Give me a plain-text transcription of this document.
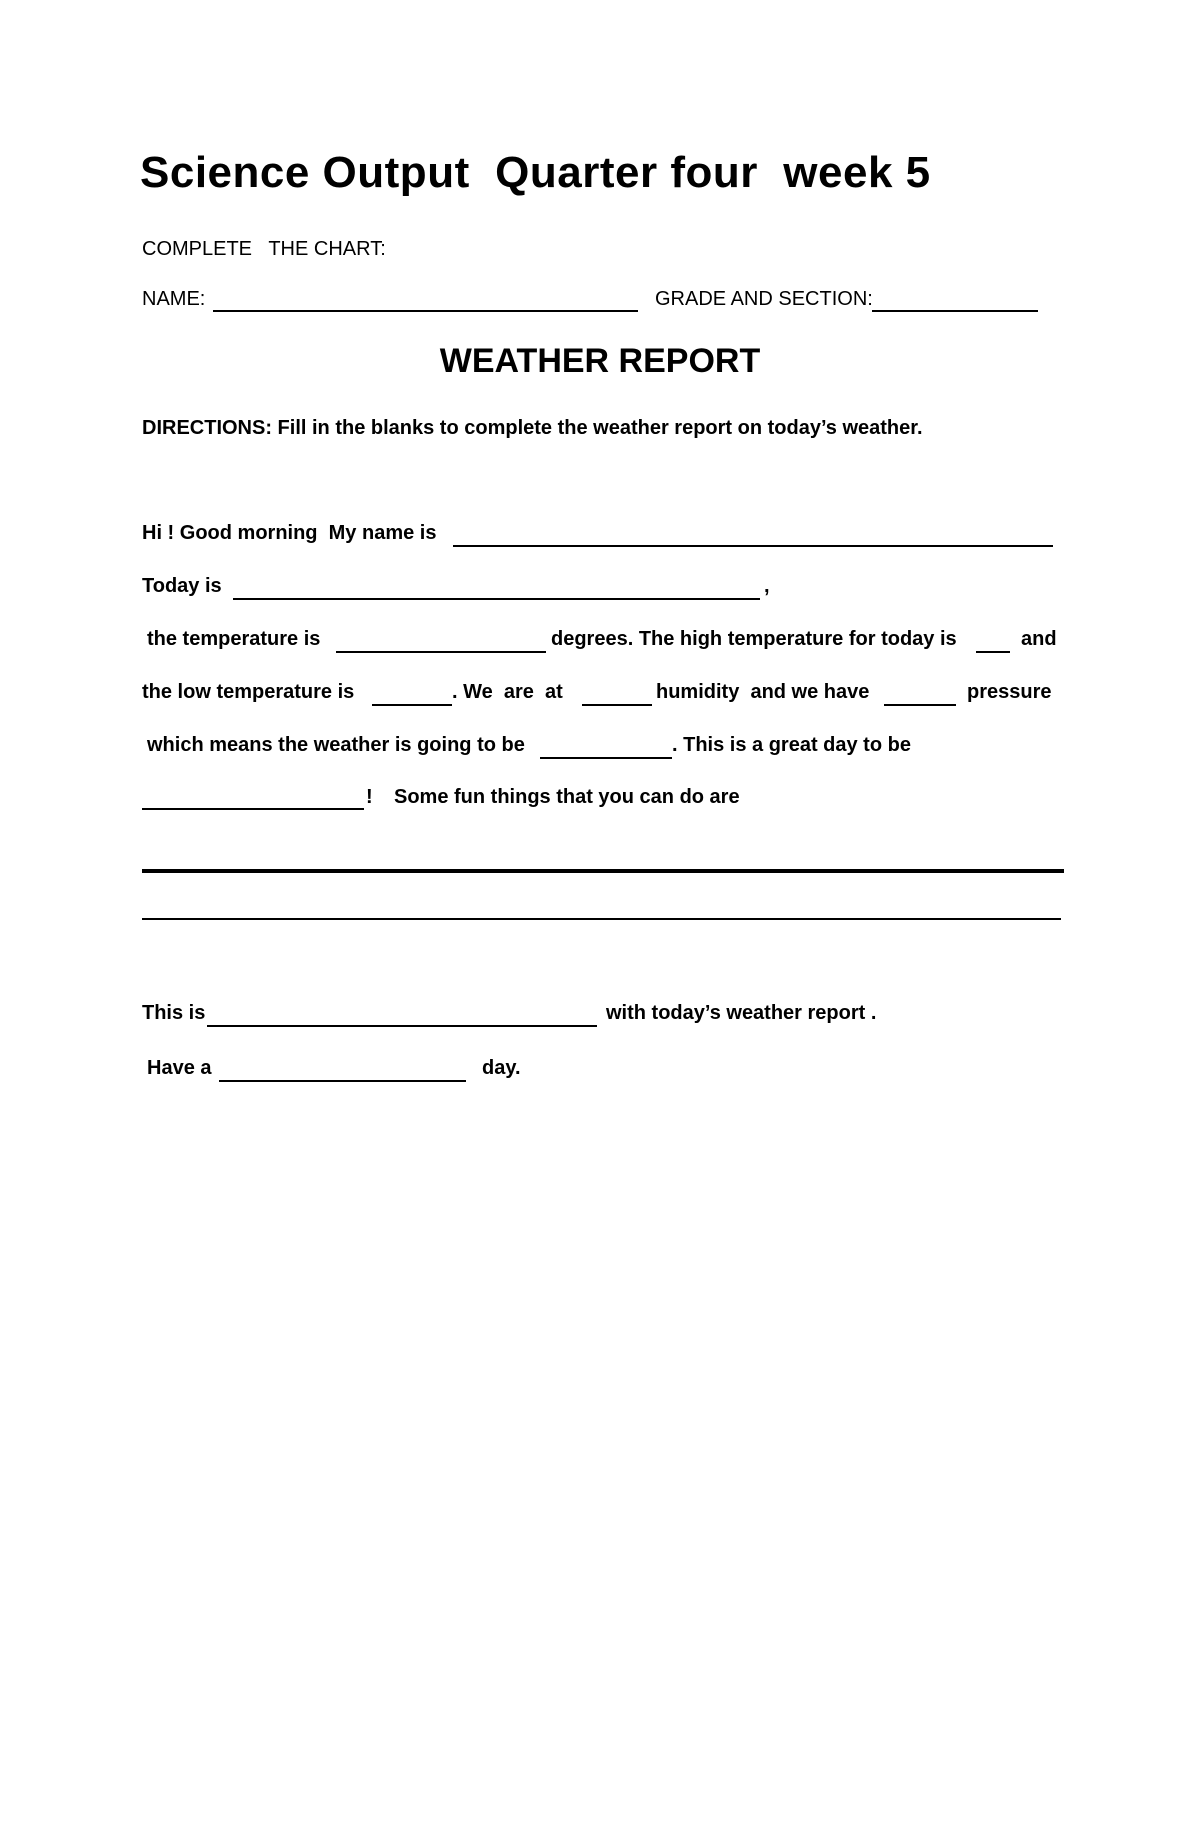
Science Output  Quarter four  week 5
COMPLETE   THE CHART:
NAME:	GRADE AND SECTION:
WEATHER REPORT
DIRECTIONS: Fill in the blanks to complete the weather report on today’s weather.
Hi ! Good morning  My name is
Today is	,
the temperature is	degrees. The high temperature for today is	and
the low temperature is	. We  are  at	humidity  and we have	pressure
which means the weather is going to be	. This is a great day to be
! Some fun things that you can do are
This is	with today’s weather report .
Have a	day.
